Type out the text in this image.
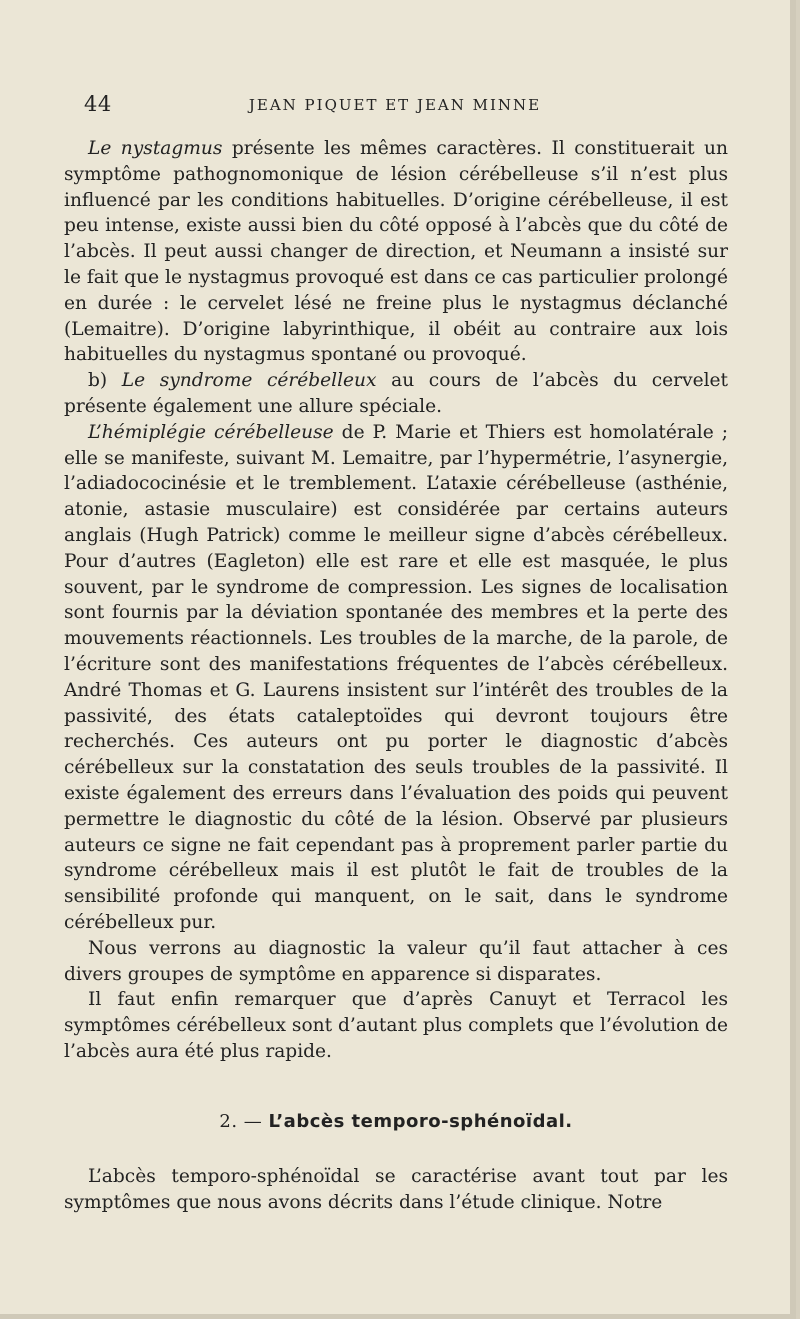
44	JEAN PIQUET ET JEAN MINNE

Le nystagmus présente les mêmes caractères. Il constituerait un symptôme pathognomonique de lésion cérébelleuse s’il n’est plus influencé par les conditions habituelles. D’origine cérébelleuse, il est peu intense, existe aussi bien du côté opposé à l’abcès que du côté de l’abcès. Il peut aussi changer de direction, et Neumann a insisté sur le fait que le nystagmus provoqué est dans ce cas particulier prolongé en durée : le cervelet lésé ne freine plus le nystagmus déclanché (Lemaitre). D’origine labyrinthique, il obéit au contraire aux lois habituelles du nystagmus spontané ou provoqué.

b) Le syndrome cérébelleux au cours de l’abcès du cervelet présente également une allure spéciale.

L’hémiplégie cérébelleuse de P. Marie et Thiers est homolatérale ; elle se manifeste, suivant M. Lemaitre, par l’hypermétrie, l’asynergie, l’adiadococinésie et le tremblement. L’ataxie cérébelleuse (asthénie, atonie, astasie musculaire) est considérée par certains auteurs anglais (Hugh Patrick) comme le meilleur signe d’abcès cérébelleux. Pour d’autres (Eagleton) elle est rare et elle est masquée, le plus souvent, par le syndrome de compression. Les signes de localisation sont fournis par la déviation spontanée des membres et la perte des mouvements réactionnels. Les troubles de la marche, de la parole, de l’écriture sont des manifestations fréquentes de l’abcès cérébelleux. André Thomas et G. Laurens insistent sur l’intérêt des troubles de la passivité, des états cataleptoïdes qui devront toujours être recherchés. Ces auteurs ont pu porter le diagnostic d’abcès cérébelleux sur la constatation des seuls troubles de la passivité. Il existe également des erreurs dans l’évaluation des poids qui peuvent permettre le diagnostic du côté de la lésion. Observé par plusieurs auteurs ce signe ne fait cependant pas à proprement parler partie du syndrome cérébelleux mais il est plutôt le fait de troubles de la sensibilité profonde qui manquent, on le sait, dans le syndrome cérébelleux pur.

Nous verrons au diagnostic la valeur qu’il faut attacher à ces divers groupes de symptôme en apparence si disparates.

Il faut enfin remarquer que d’après Canuyt et Terracol les symptômes cérébelleux sont d’autant plus complets que l’évolution de l’abcès aura été plus rapide.

2. — L’abcès temporo-sphénoïdal.

L’abcès temporo-sphénoïdal se caractérise avant tout par les symptômes que nous avons décrits dans l’étude clinique. Notre
